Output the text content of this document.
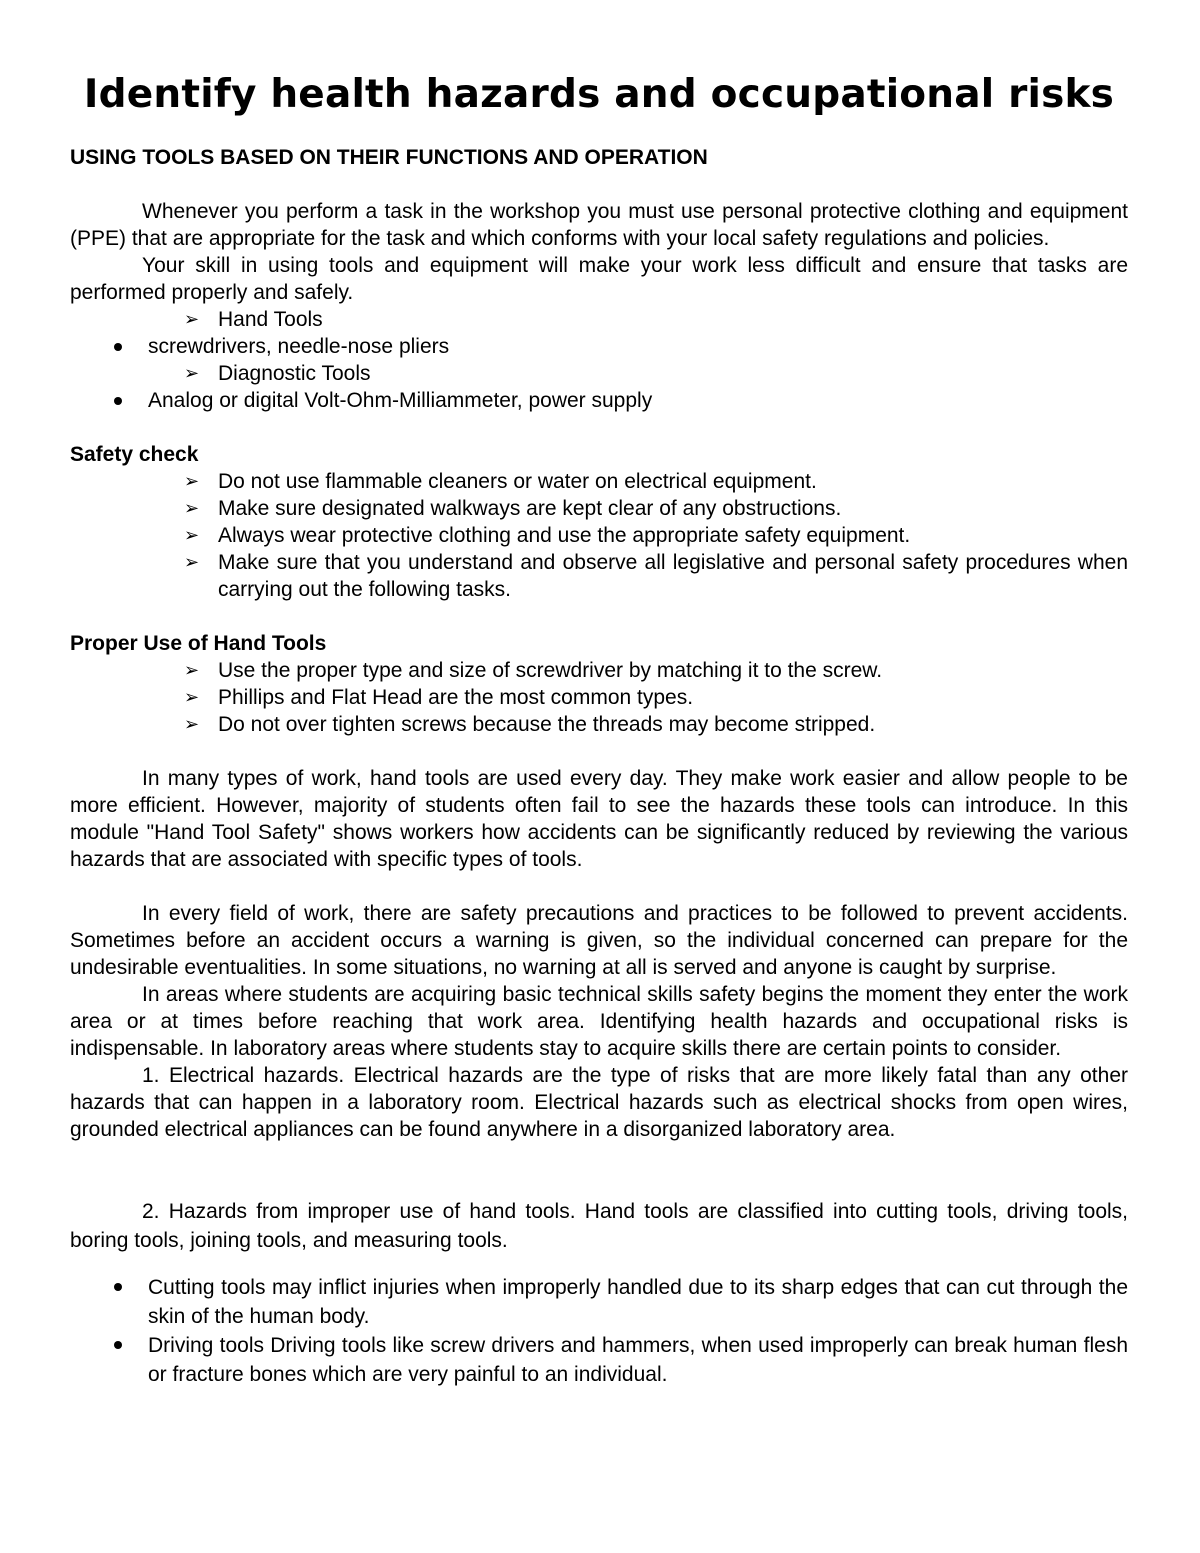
Identify health hazards and occupational risks
USING TOOLS BASED ON THEIR FUNCTIONS AND OPERATION

Whenever you perform a task in the workshop you must use personal protective clothing and equipment (PPE) that are appropriate for the task and which conforms with your local safety regulations and policies.

Your skill in using tools and equipment will make your work less difficult and ensure that tasks are performed properly and safely.

➢ Hand Tools
screwdrivers, needle-nose pliers
➢ Diagnostic Tools
Analog or digital Volt-Ohm-Milliammeter, power supply
Safety check
➢ Do not use flammable cleaners or water on electrical equipment.
➢ Make sure designated walkways are kept clear of any obstructions.
➢ Always wear protective clothing and use the appropriate safety equipment.
➢ Make sure that you understand and observe all legislative and personal safety procedures when carrying out the following tasks.
Proper Use of Hand Tools
➢ Use the proper type and size of screwdriver by matching it to the screw.
➢ Phillips and Flat Head are the most common types.
➢ Do not over tighten screws because the threads may become stripped.

In many types of work, hand tools are used every day. They make work easier and allow people to be more efficient. However, majority of students often fail to see the hazards these tools can introduce. In this module "Hand Tool Safety" shows workers how accidents can be significantly reduced by reviewing the various hazards that are associated with specific types of tools.

In every field of work, there are safety precautions and practices to be followed to prevent accidents. Sometimes before an accident occurs a warning is given, so the individual concerned can prepare for the undesirable eventualities. In some situations, no warning at all is served and anyone is caught by surprise.

In areas where students are acquiring basic technical skills safety begins the moment they enter the work area or at times before reaching that work area. Identifying health hazards and occupational risks is indispensable. In laboratory areas where students stay to acquire skills there are certain points to consider.

1. Electrical hazards. Electrical hazards are the type of risks that are more likely fatal than any other hazards that can happen in a laboratory room. Electrical hazards such as electrical shocks from open wires, grounded electrical appliances can be found anywhere in a disorganized laboratory area.

2. Hazards from improper use of hand tools. Hand tools are classified into cutting tools, driving tools, boring tools, joining tools, and measuring tools.

Cutting tools may inflict injuries when improperly handled due to its sharp edges that can cut through the skin of the human body.
Driving tools Driving tools like screw drivers and hammers, when used improperly can break human flesh or fracture bones which are very painful to an individual.
